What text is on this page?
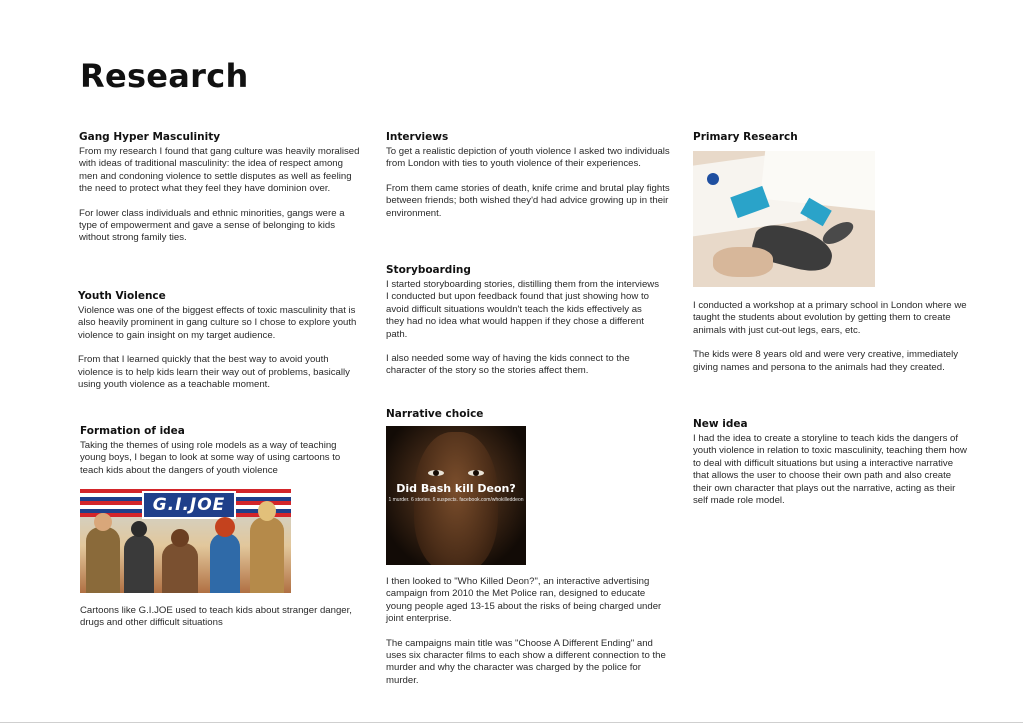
Research
Gang Hyper Masculinity

From my research I found that gang culture was heavily moralised with ideas of traditional masculinity: the idea of respect among men and condoning violence to settle disputes as well as feeling the need to protect what they feel they have dominion over.

For lower class individuals and ethnic minorities, gangs were a type of empowerment and gave a sense of belonging to kids without strong family ties.

Youth Violence

Violence was one of the biggest effects of toxic masculinity that is also heavily prominent in gang culture so I chose to explore youth violence to gain insight on my target audience.

From that I learned quickly that the best way to avoid youth violence is to help kids learn their way out of problems, basically using youth violence as a teachable moment.

Formation of idea

Taking the themes of using role models as a way of teaching young boys, I began to look at some way of using cartoons to teach kids about the dangers of youth violence

G.I.JOE

Cartoons like G.I.JOE used to teach kids about stranger danger, drugs and other difficult situations

Interviews

To get a realistic depiction of youth violence I asked two individuals from London with ties to youth violence of their experiences.

From them came stories of death, knife crime and brutal play fights between friends; both wished they'd had advice growing up in their environment.

Storyboarding

I started storyboarding stories, distilling them from the interviews I conducted but upon feedback found that just showing how to avoid difficult situations wouldn't teach the kids effectively as they had no idea what would happen if they chose a different path.

I also needed some way of having the kids connect to the character of the story so the stories affect them.

Narrative choice
Did Bash kill Deon?
1 murder. 6 stories. 6 suspects. facebook.com/whokilleddeon

I then looked to "Who Killed Deon?", an interactive advertising campaign from 2010 the Met Police ran, designed to educate young people aged 13-15 about the risks of being charged under joint enterprise.

The campaigns main title was "Choose A Different Ending" and uses six character films to each show a different connection to the murder and why the character was charged by the police for murder.

Primary Research

I conducted a workshop at a primary school in London where we taught the students about evolution by getting them to create animals with just cut-out legs, ears, etc.

The kids were 8 years old and were very creative, immediately giving names and persona to the animals had they created.

New idea

I had the idea to create a storyline to teach kids the dangers of youth violence in relation to toxic masculinity, teaching them how to deal with difficult situations but using a interactive narrative that allows the user to choose their own path and also create their own character that plays out the narrative, acting as their self made role model.
